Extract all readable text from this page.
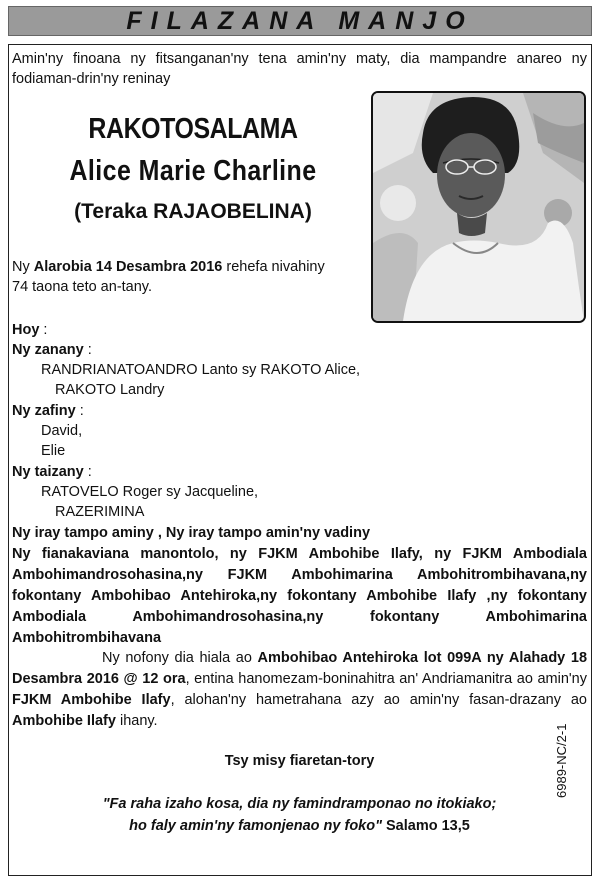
FILAZANA MANJO
Amin'ny finoana ny fitsanganan'ny tena amin'ny maty, dia mampandre anareo ny fodiaman-drin'ny reninay
RAKOTOSALAMA
Alice Marie Charline
(Teraka RAJAOBELINA)
Ny Alarobia 14 Desambra 2016 rehefa nivahiny
74 taona teto an-tany.
Hoy :
Ny zanany :
RANDRIANATOANDRO Lanto sy RAKOTO Alice,
RAKOTO Landry
Ny zafiny :
David,
Elie
Ny taizany :
RATOVELO Roger sy Jacqueline,
RAZERIMINA
Ny iray tampo aminy , Ny iray tampo amin'ny vadiny
Ny fianakaviana manontolo, ny FJKM Ambohibe Ilafy, ny FJKM Ambodiala Ambohimandrosohasina,ny FJKM Ambohimarina Ambohitrombihavana,ny fokontany Ambohibao Antehiroka,ny fokontany Ambohibe Ilafy ,ny fokontany Ambodiala Ambohimandrosohasina,ny fokontany Ambohimarina Ambohitrombihavana
Ny nofony dia hiala ao Ambohibao Antehiroka lot 099A ny Alahady 18 Desambra 2016 @ 12 ora, entina hanomezam-boninahitra an' Andriamanitra ao amin'ny FJKM Ambohibe Ilafy, alohan'ny hametrahana azy ao amin'ny fasan-drazany ao Ambohibe Ilafy ihany.
Tsy misy fiaretan-tory
"Fa raha izaho kosa, dia ny famindramponao no itokiako;
ho faly amin'ny famonjenao ny foko" Salamo 13,5
6989-NC/2-1
